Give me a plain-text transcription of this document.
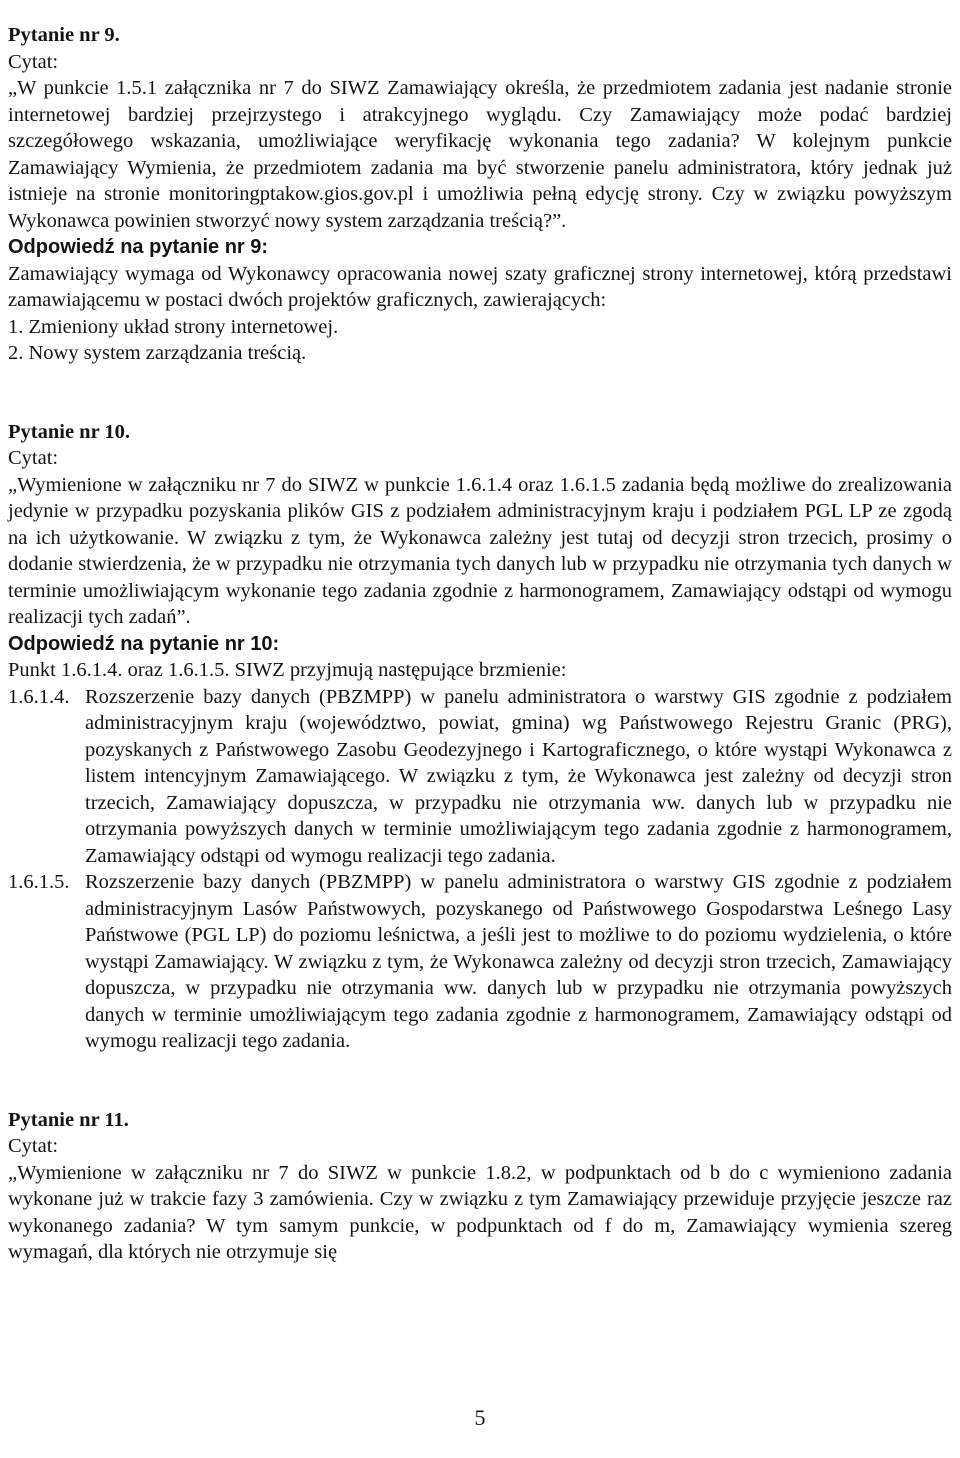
Pytanie nr 9.

Cytat:

„W punkcie 1.5.1 załącznika nr 7 do SIWZ Zamawiający określa, że przedmiotem zadania jest nadanie stronie internetowej bardziej przejrzystego i atrakcyjnego wyglądu. Czy Zamawiający może podać bardziej szczegółowego wskazania, umożliwiające weryfikację wykonania tego zadania? W kolejnym punkcie Zamawiający Wymienia, że przedmiotem zadania ma być stworzenie panelu administratora, który jednak już istnieje na stronie monitoringptakow.gios.gov.pl i umożliwia pełną edycję strony. Czy w związku powyższym Wykonawca powinien stworzyć nowy system zarządzania treścią?”.

Odpowiedź na pytanie nr 9:

Zamawiający wymaga od Wykonawcy opracowania nowej szaty graficznej strony internetowej, którą przedstawi zamawiającemu w postaci dwóch projektów graficznych, zawierających:

1. Zmieniony układ strony internetowej.

2. Nowy system zarządzania treścią.

Pytanie nr 10.

Cytat:

„Wymienione w załączniku nr 7 do SIWZ w punkcie 1.6.1.4 oraz 1.6.1.5 zadania będą możliwe do zrealizowania jedynie w przypadku pozyskania plików GIS z podziałem administracyjnym kraju i podziałem PGL LP ze zgodą na ich użytkowanie. W związku z tym, że Wykonawca zależny jest tutaj od decyzji stron trzecich, prosimy o dodanie stwierdzenia, że w przypadku nie otrzymania tych danych lub w przypadku nie otrzymania tych danych w terminie umożliwiającym wykonanie tego zadania zgodnie z harmonogramem, Zamawiający odstąpi od wymogu realizacji tych zadań”.

Odpowiedź na pytanie nr 10:

Punkt 1.6.1.4. oraz 1.6.1.5. SIWZ przyjmują następujące brzmienie:

1.6.1.4. Rozszerzenie bazy danych (PBZMPP) w panelu administratora o warstwy GIS zgodnie z podziałem administracyjnym kraju (województwo, powiat, gmina) wg Państwowego Rejestru Granic (PRG), pozyskanych z Państwowego Zasobu Geodezyjnego i Kartograficznego, o które wystąpi Wykonawca z listem intencyjnym Zamawiającego. W związku z tym, że Wykonawca jest zależny od decyzji stron trzecich, Zamawiający dopuszcza, w przypadku nie otrzymania ww. danych lub w przypadku nie otrzymania powyższych danych w terminie umożliwiającym tego zadania zgodnie z harmonogramem, Zamawiający odstąpi od wymogu realizacji tego zadania.
1.6.1.5. Rozszerzenie bazy danych (PBZMPP) w panelu administratora o warstwy GIS zgodnie z podziałem administracyjnym Lasów Państwowych, pozyskanego od Państwowego Gospodarstwa Leśnego Lasy Państwowe (PGL LP) do poziomu leśnictwa, a jeśli jest to możliwe to do poziomu wydzielenia, o które wystąpi Zamawiający. W związku z tym, że Wykonawca zależny od decyzji stron trzecich, Zamawiający dopuszcza, w przypadku nie otrzymania ww. danych lub w przypadku nie otrzymania powyższych danych w terminie umożliwiającym tego zadania zgodnie z harmonogramem, Zamawiający odstąpi od wymogu realizacji tego zadania.

Pytanie nr 11.

Cytat:

„Wymienione w załączniku nr 7 do SIWZ w punkcie 1.8.2, w podpunktach od b do c wymieniono zadania wykonane już w trakcie fazy 3 zamówienia. Czy w związku z tym Zamawiający przewiduje przyjęcie jeszcze raz wykonanego zadania? W tym samym punkcie, w podpunktach od f do m, Zamawiający wymienia szereg wymagań, dla których nie otrzymuje się

5
